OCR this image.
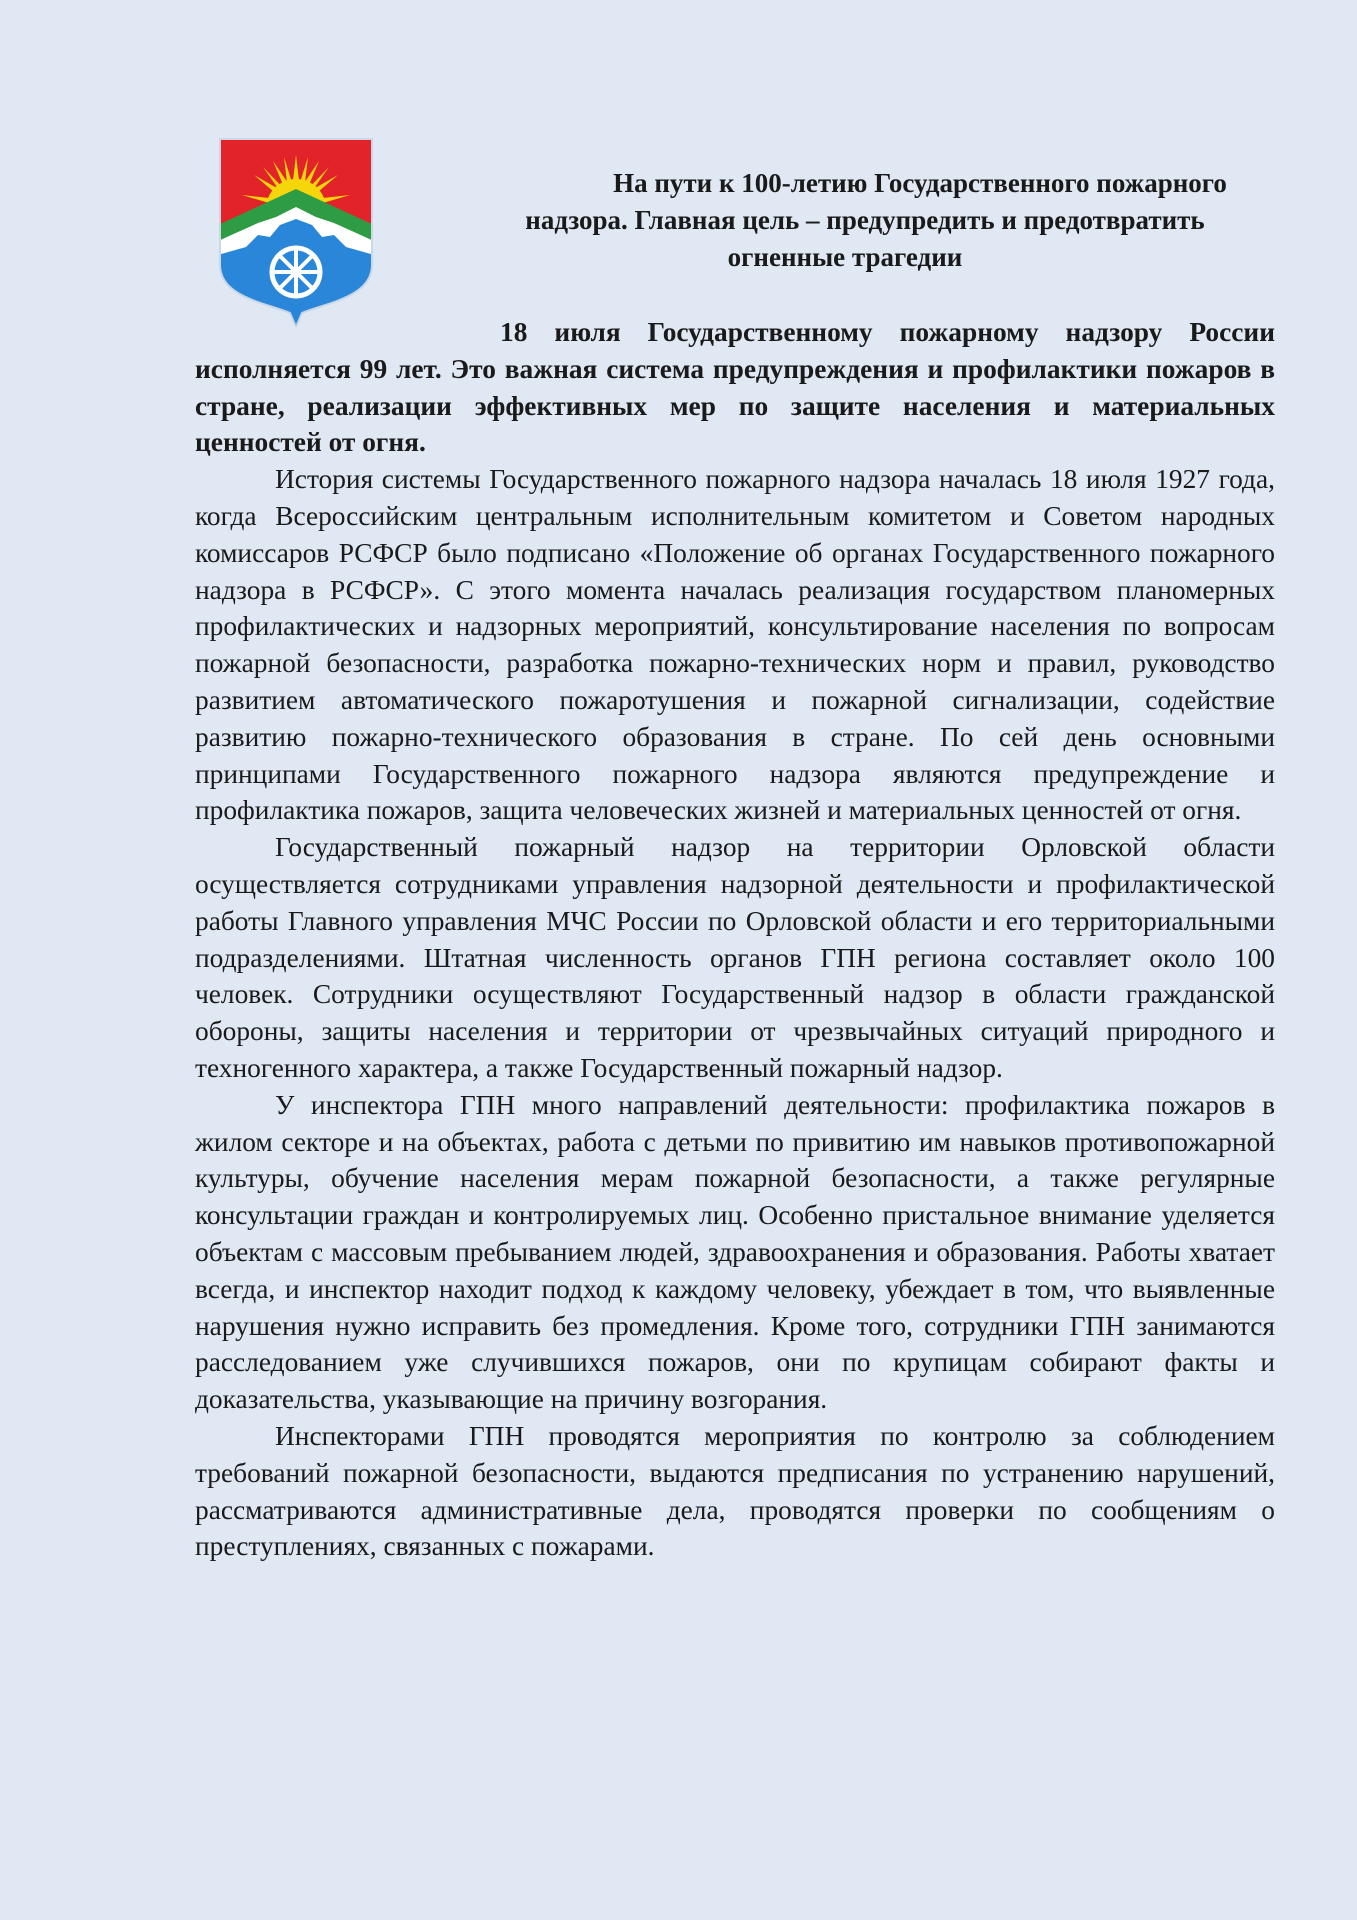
На пути к 100-летию Государственного пожарного
надзора. Главная цель – предупредить и предотвратить
огненные трагедии

18 июля Государственному пожарному надзору России исполняется 99 лет. Это важная система предупреждения и профилактики пожаров в стране, реализации эффективных мер по защите населения и материальных ценностей от огня.

История системы Государственного пожарного надзора началась 18 июля 1927 года, когда Всероссийским центральным исполнительным комитетом и Советом народных комиссаров РСФСР было подписано «Положение об органах Государственного пожарного надзора в РСФСР». С этого момента началась реализация государством планомерных профилактических и надзорных мероприятий, консультирование населения по вопросам пожарной безопасности, разработка пожарно-технических норм и правил, руководство развитием автоматического пожаротушения и пожарной сигнализации, содействие развитию пожарно-технического образования в стране. По сей день основными принципами Государственного пожарного надзора являются предупреждение и профилактика пожаров, защита человеческих жизней и материальных ценностей от огня.

Государственный пожарный надзор на территории Орловской области осуществляется сотрудниками управления надзорной деятельности и профилактической работы Главного управления МЧС России по Орловской области и его территориальными подразделениями. Штатная численность органов ГПН региона составляет около 100 человек. Сотрудники осуществляют Государственный надзор в области гражданской обороны, защиты населения и территории от чрезвычайных ситуаций природного и техногенного характера, а также Государственный пожарный надзор.

У инспектора ГПН много направлений деятельности: профилактика пожаров в жилом секторе и на объектах, работа с детьми по привитию им навыков противопожарной культуры, обучение населения мерам пожарной безопасности, а также регулярные консультации граждан и контролируемых лиц. Особенно пристальное внимание уделяется объектам с массовым пребыванием людей, здравоохранения и образования. Работы хватает всегда, и инспектор находит подход к каждому человеку, убеждает в том, что выявленные нарушения нужно исправить без промедления. Кроме того, сотрудники ГПН занимаются расследованием уже случившихся пожаров, они по крупицам собирают факты и доказательства, указывающие на причину возгорания.

Инспекторами ГПН проводятся мероприятия по контролю за соблюдением требований пожарной безопасности, выдаются предписания по устранению нарушений, рассматриваются административные дела, проводятся проверки по сообщениям о преступлениях, связанных с пожарами.
